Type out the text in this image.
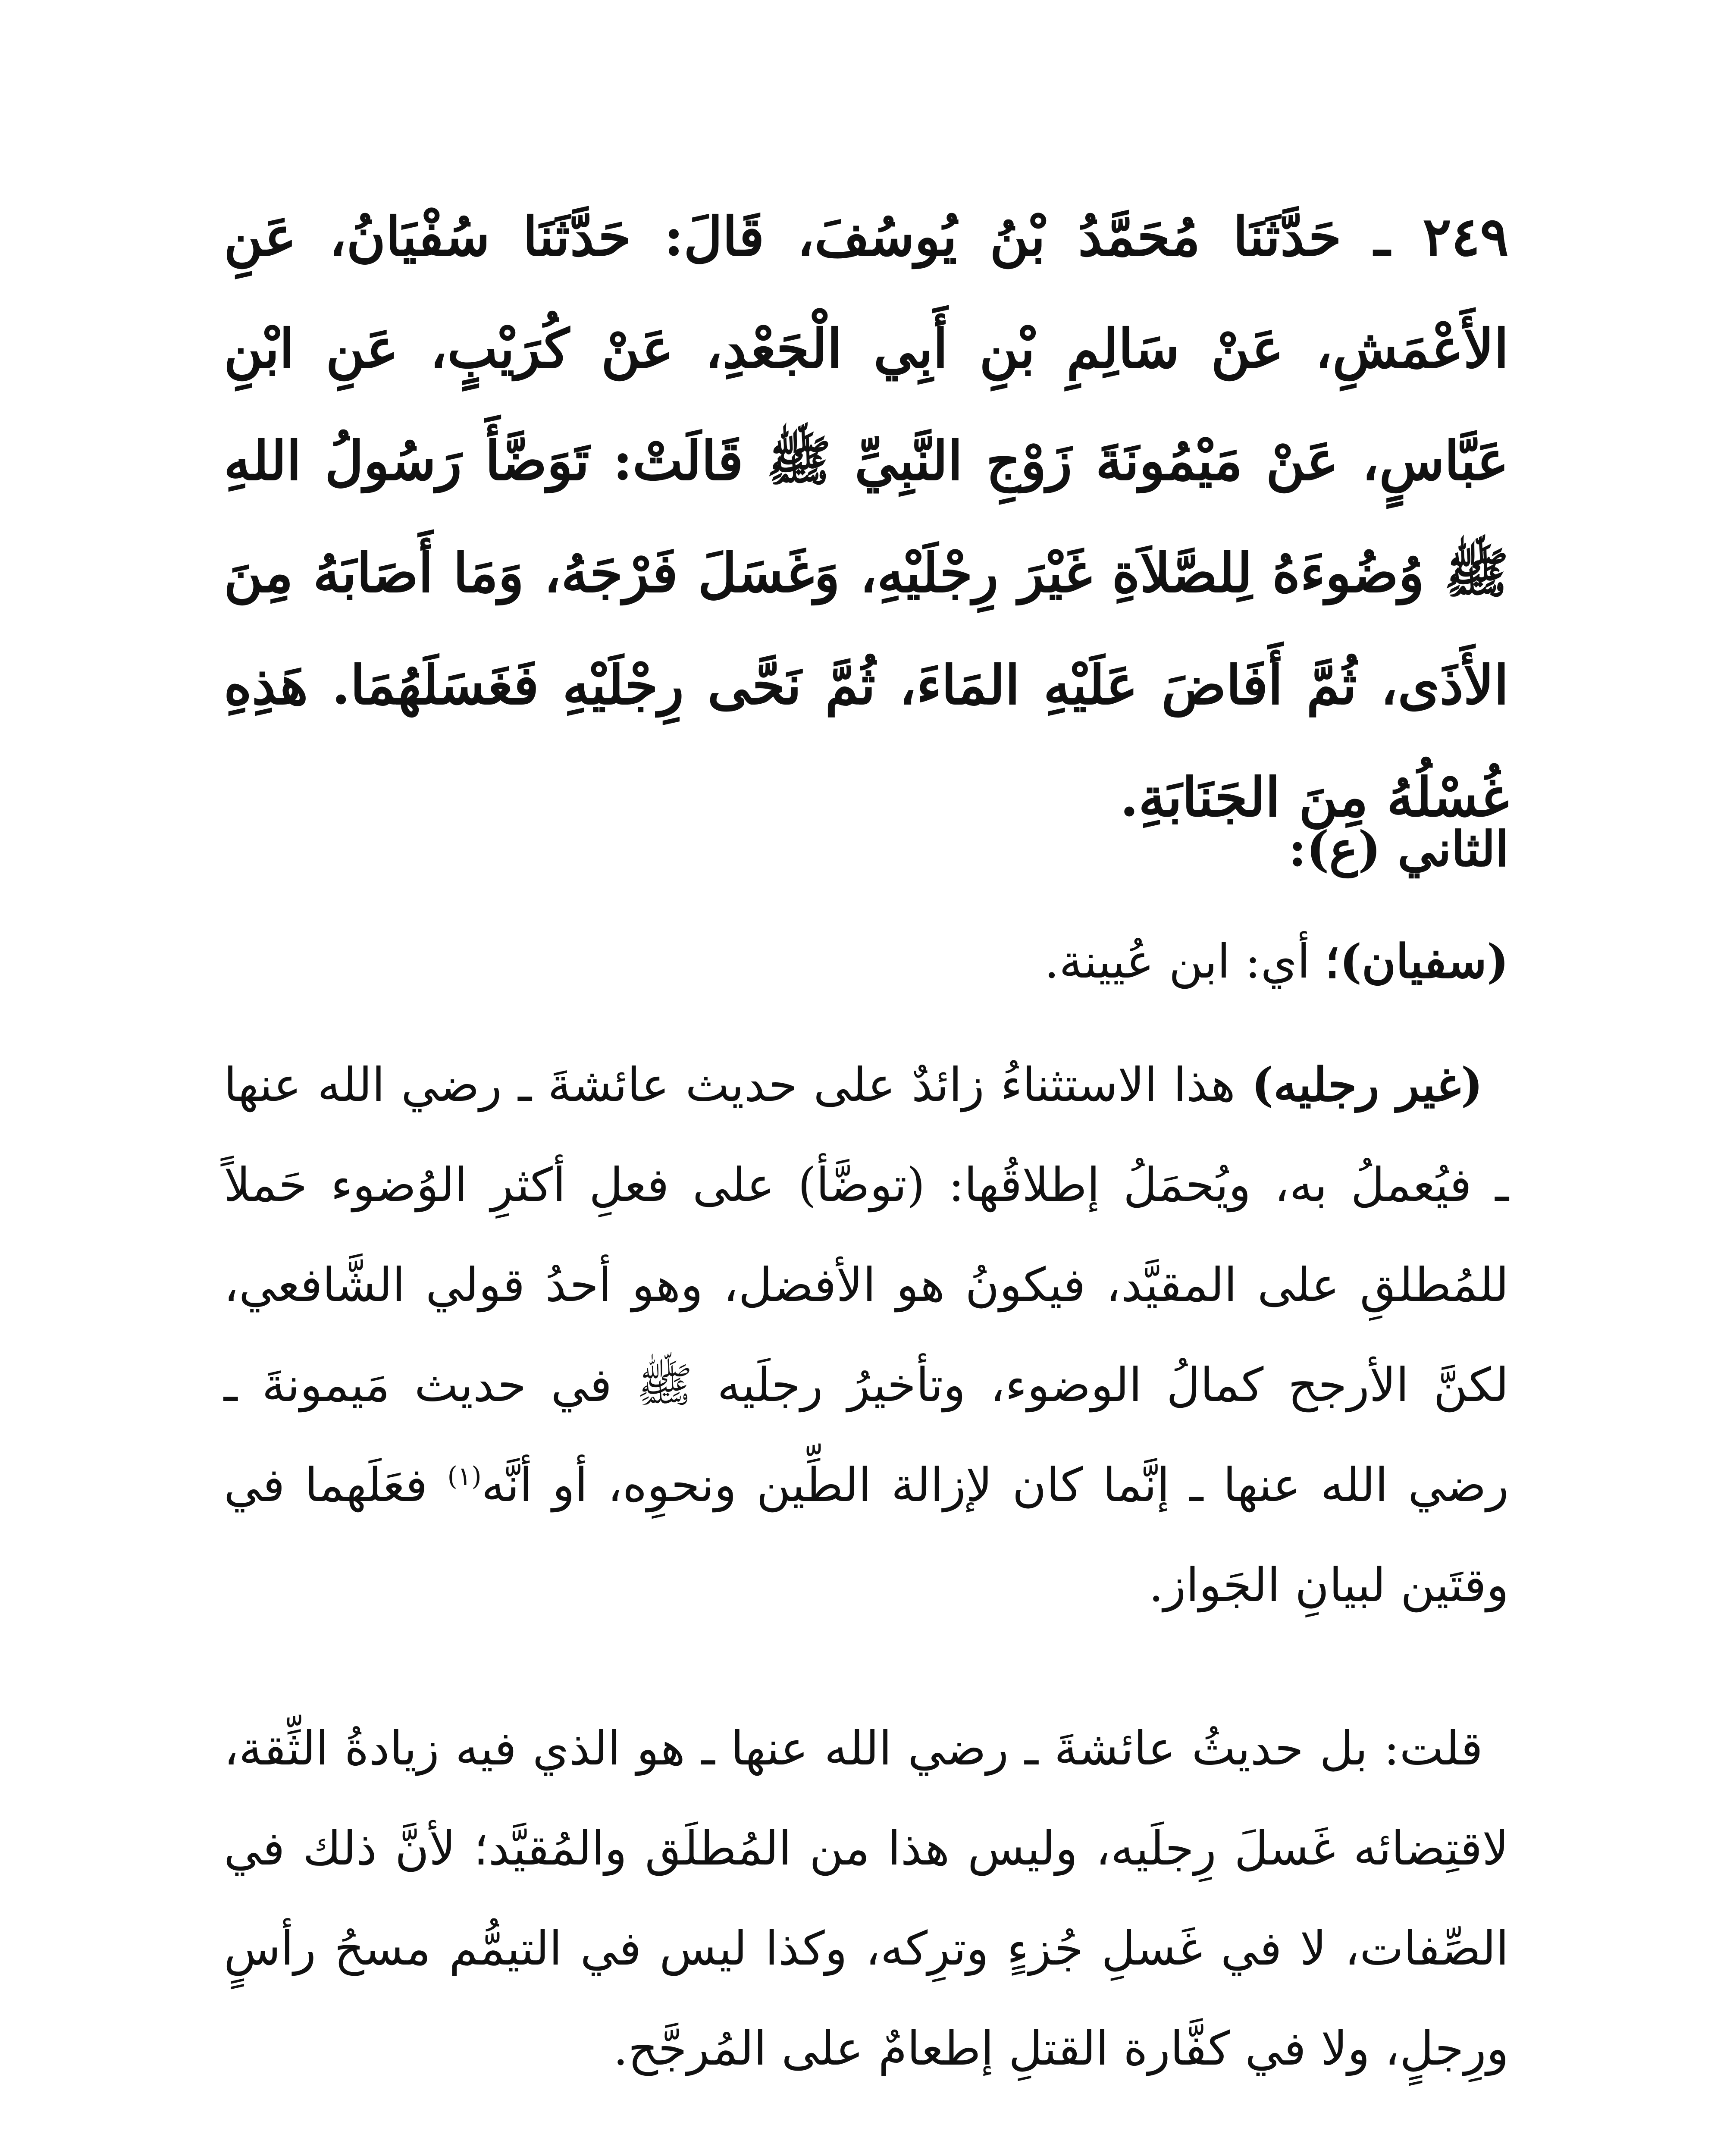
٢٤٩ ـ حَدَّثَنَا مُحَمَّدُ بْنُ يُوسُفَ، قَالَ: حَدَّثَنَا سُفْيَانُ، عَنِ الأَعْمَشِ، عَنْ سَالِمِ بْنِ أَبِي الْجَعْدِ، عَنْ كُرَيْبٍ، عَنِ ابْنِ عَبَّاسٍ، عَنْ مَيْمُونَةَ زَوْجِ النَّبِيِّ ﷺ قَالَتْ: تَوَضَّأَ رَسُولُ اللهِ ﷺ وُضُوءَهُ لِلصَّلاَةِ غَيْرَ رِجْلَيْهِ، وَغَسَلَ فَرْجَهُ، وَمَا أَصَابَهُ مِنَ الأَذَى، ثُمَّ أَفَاضَ عَلَيْهِ المَاءَ، ثُمَّ نَحَّى رِجْلَيْهِ فَغَسَلَهُمَا. هَذِهِ غُسْلُهُ مِنَ الجَنَابَةِ.

الثاني (ع):

(سفيان)؛ أي: ابن عُيينة.

(غير رجليه) هذا الاستثناءُ زائدٌ على حديث عائشةَ ـ رضي الله عنها ـ فيُعملُ به، ويُحمَلُ إطلاقُها: (توضَّأ) على فعلِ أكثرِ الوُضوء حَملاً للمُطلقِ على المقيَّد، فيكونُ هو الأفضل، وهو أحدُ قولي الشَّافعي، لكنَّ الأرجح كمالُ الوضوء، وتأخيرُ رجلَيه ﷺ في حديث مَيمونةَ ـ رضي الله عنها ـ إنَّما كان لإزالة الطِّين ونحوِه، أو أنَّه$^{(١)}$ فعَلَهما في وقتَين لبيانِ الجَواز.

قلت: بل حديثُ عائشةَ ـ رضي الله عنها ـ هو الذي فيه زيادةُ الثِّقة، لاقتِضائه غَسلَ رِجلَيه، وليس هذا من المُطلَق والمُقيَّد؛ لأنَّ ذلك في الصِّفات، لا في غَسلِ جُزءٍ وترِكه، وكذا ليس في التيمُّم مسحُ رأسٍ ورِجلٍ، ولا في كفَّارة القتلِ إطعامٌ على المُرجَّح.
